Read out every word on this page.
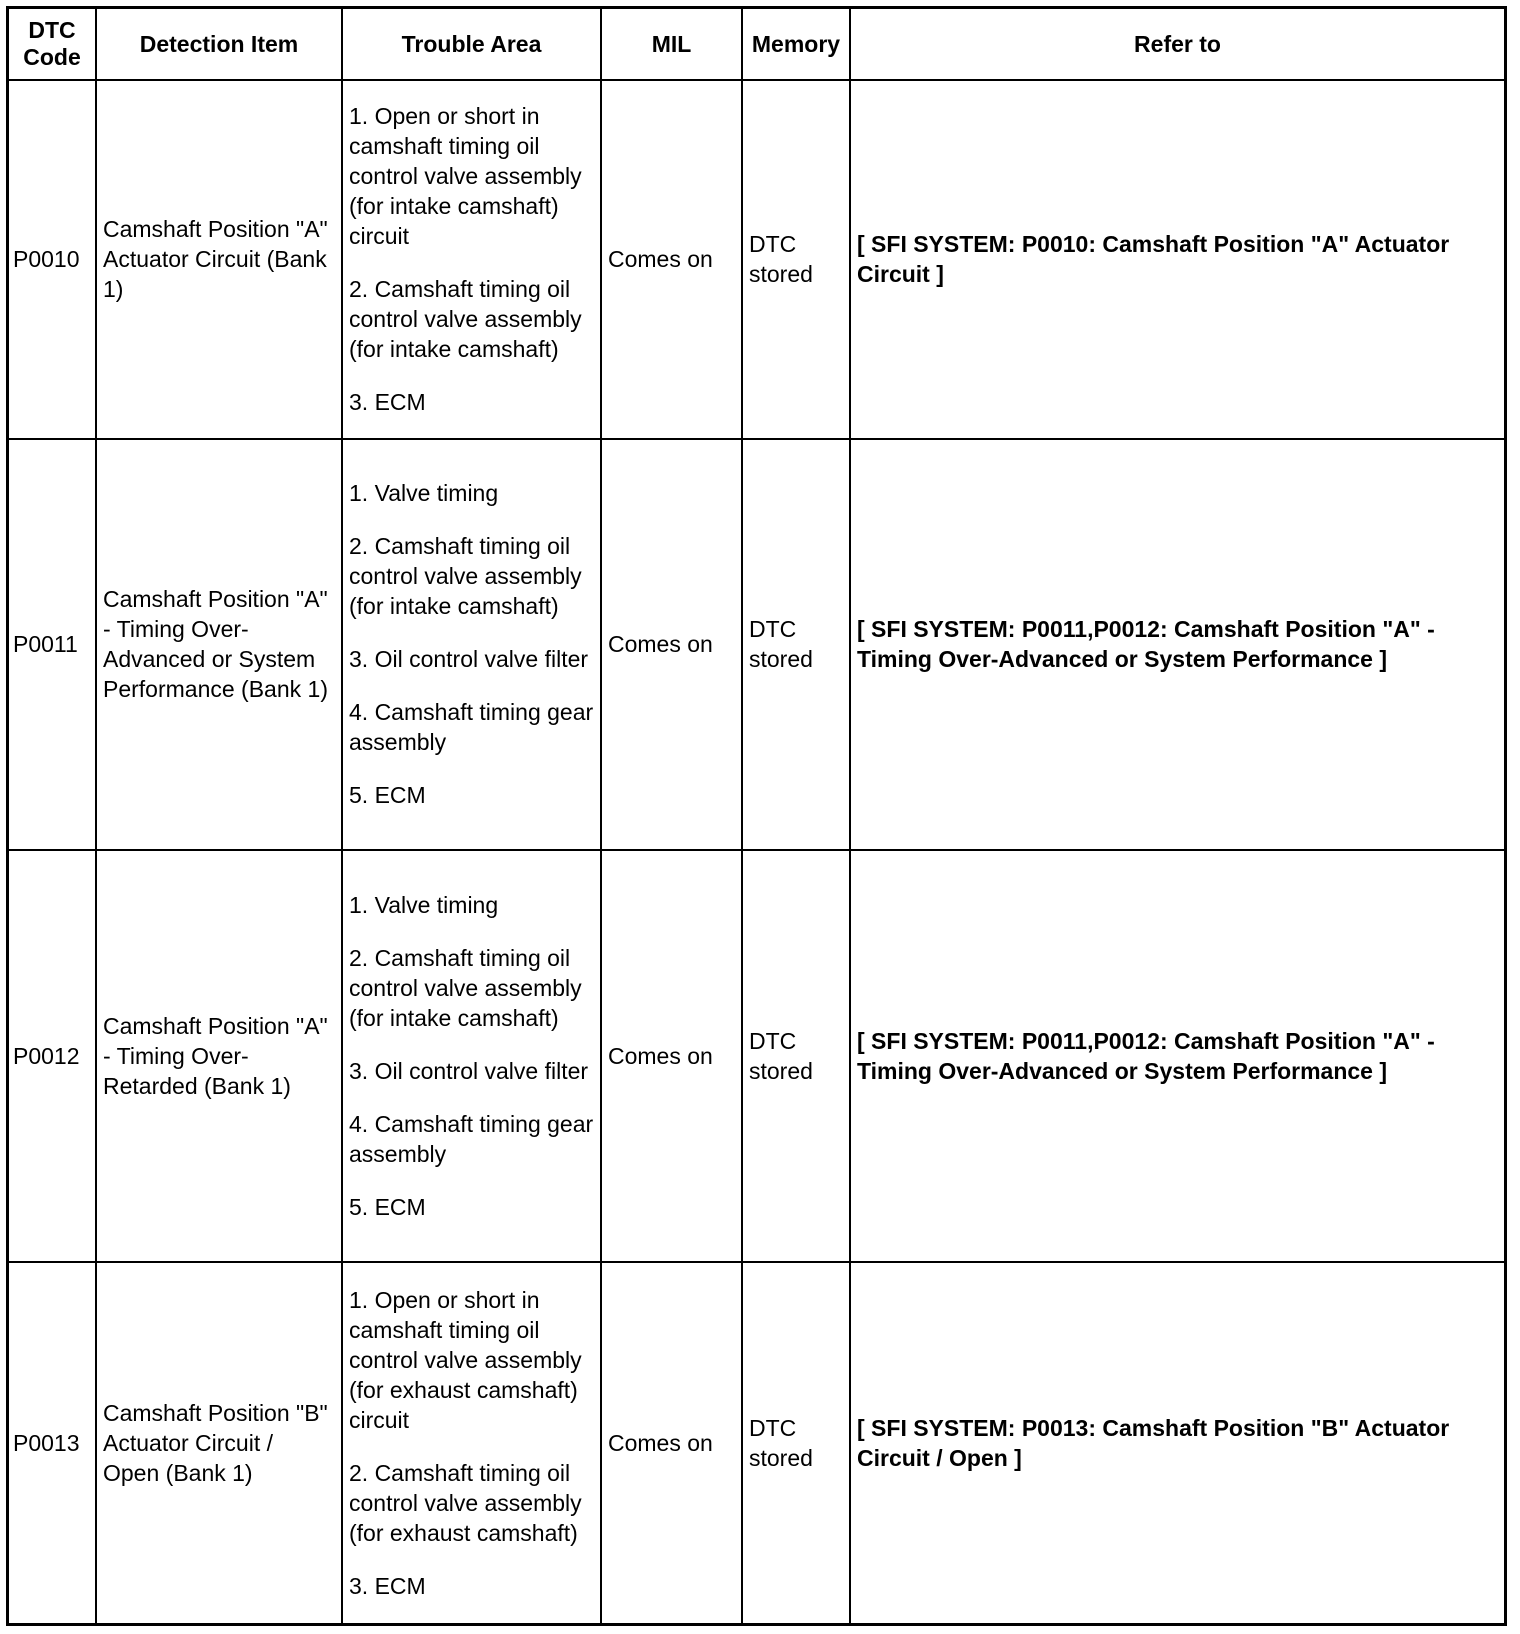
DTC Code	Detection Item	Trouble Area	MIL	Memory	Refer to
P0010	Camshaft Position "A" Actuator Circuit (Bank 1)	1. Open or short in camshaft timing oil control valve assembly (for intake camshaft) circuit

2. Camshaft timing oil control valve assembly (for intake camshaft)

3. ECM	Comes on	DTC stored	[ SFI SYSTEM: P0010: Camshaft Position "A" Actuator Circuit ]
P0011	Camshaft Position "A" - Timing Over-Advanced or System Performance (Bank 1)	1. Valve timing

2. Camshaft timing oil control valve assembly (for intake camshaft)

3. Oil control valve filter

4. Camshaft timing gear assembly

5. ECM	Comes on	DTC stored	[ SFI SYSTEM: P0011,P0012: Camshaft Position "A" - Timing Over-Advanced or System Performance ]
P0012	Camshaft Position "A" - Timing Over-Retarded (Bank 1)	1. Valve timing

2. Camshaft timing oil control valve assembly (for intake camshaft)

3. Oil control valve filter

4. Camshaft timing gear assembly

5. ECM	Comes on	DTC stored	[ SFI SYSTEM: P0011,P0012: Camshaft Position "A" - Timing Over-Advanced or System Performance ]
P0013	Camshaft Position "B" Actuator Circuit / Open (Bank 1)	1. Open or short in camshaft timing oil control valve assembly (for exhaust camshaft) circuit

2. Camshaft timing oil control valve assembly (for exhaust camshaft)

3. ECM	Comes on	DTC stored	[ SFI SYSTEM: P0013: Camshaft Position "B" Actuator Circuit / Open ]
